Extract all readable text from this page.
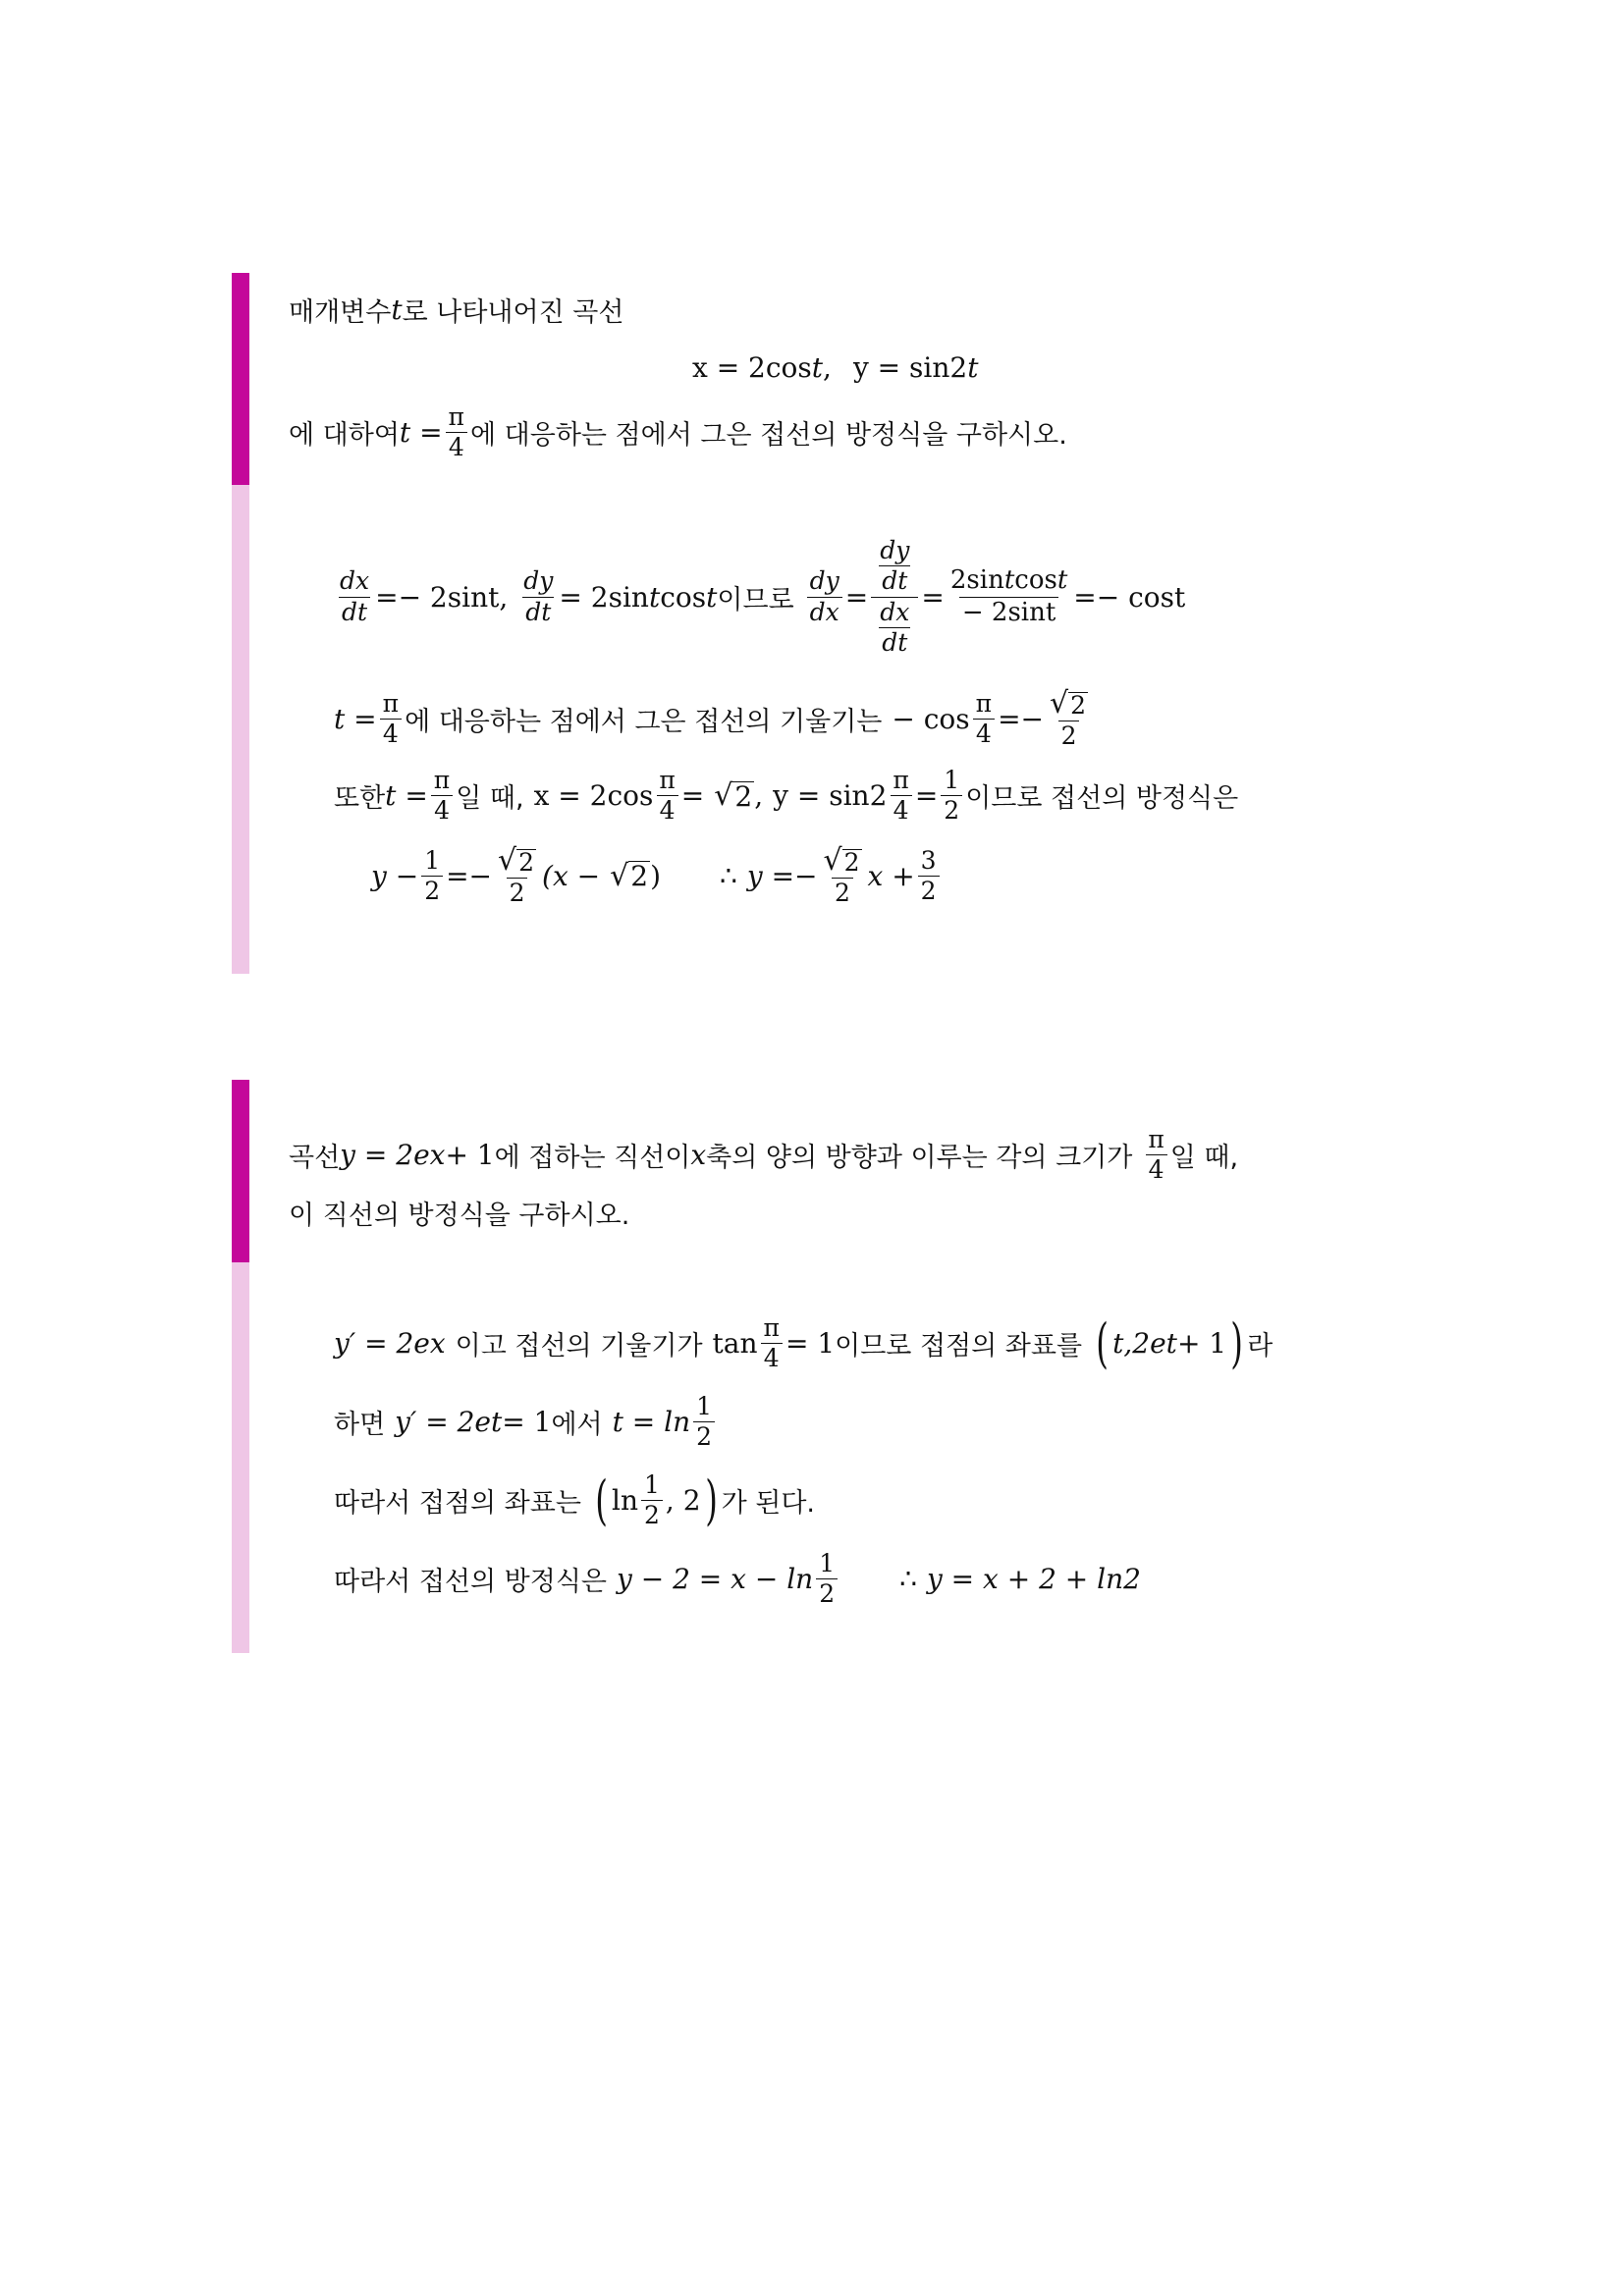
매개변수 t 로 나타내어진 곡선
x = 2cos t , y = sin 2 t
에 대하여 $t = \frac{\pi}{4}$ 에 대응하는 점에서 그은 접선의 방정식을 구하시오.
$\frac{dx}{dt} =- 2\sin t$, $\frac{dy}{dt} = 2\sin$ t cos t 이므로 $\frac{dy}{dx} = \frac{\frac{dy}{dt}}{\frac{dx}{dt}} = \frac{\text{2sintcost}}{- 2\sin t} =- \cos t$
$t = \frac{\pi}{4}$ 에 대응하는 점에서 그은 접선의 기울기는 − $\cos \frac{\pi}{4} =- \frac{√ 2}{2}$
또한 $t = \frac{\pi}{4}$ 일 때, $x = 2\cos \frac{\pi}{4}$ = √ 2 , $y = \sin 2 \frac{\pi}{4} = \frac{1}{2}$ 이므로 접선의 방정식은
$y - \frac{1}{2} =- \frac{√ 2}{2} (x$ − √ 2 ) ∴ $y =- \frac{√ 2}{2}$ $x + \frac{3}{2}$
곡선 y = 2e x + 1 에 접하는 직선이 x 축의 양의 방향과 이루는 각의 크기가 $\frac{\pi}{4}$ 일 때,
이 직선의 방정식을 구하시오.
y′ = 2e x 이고 접선의 기울기가 $\tan \frac{\pi}{4} = 1$ 이므로 접점의 좌표를 ( t, 2e t + 1 ) 라
하면 y′ = 2e t = 1 에서 $t = \ln \frac{1}{2}$
따라서 접점의 좌표는 ( $\ln \frac{1}{2}$ , 2 ) 가 된다.
따라서 접선의 방정식은 $y - 2 = x - \ln \frac{1}{2}$ ∴ y = x + 2 + ln2
